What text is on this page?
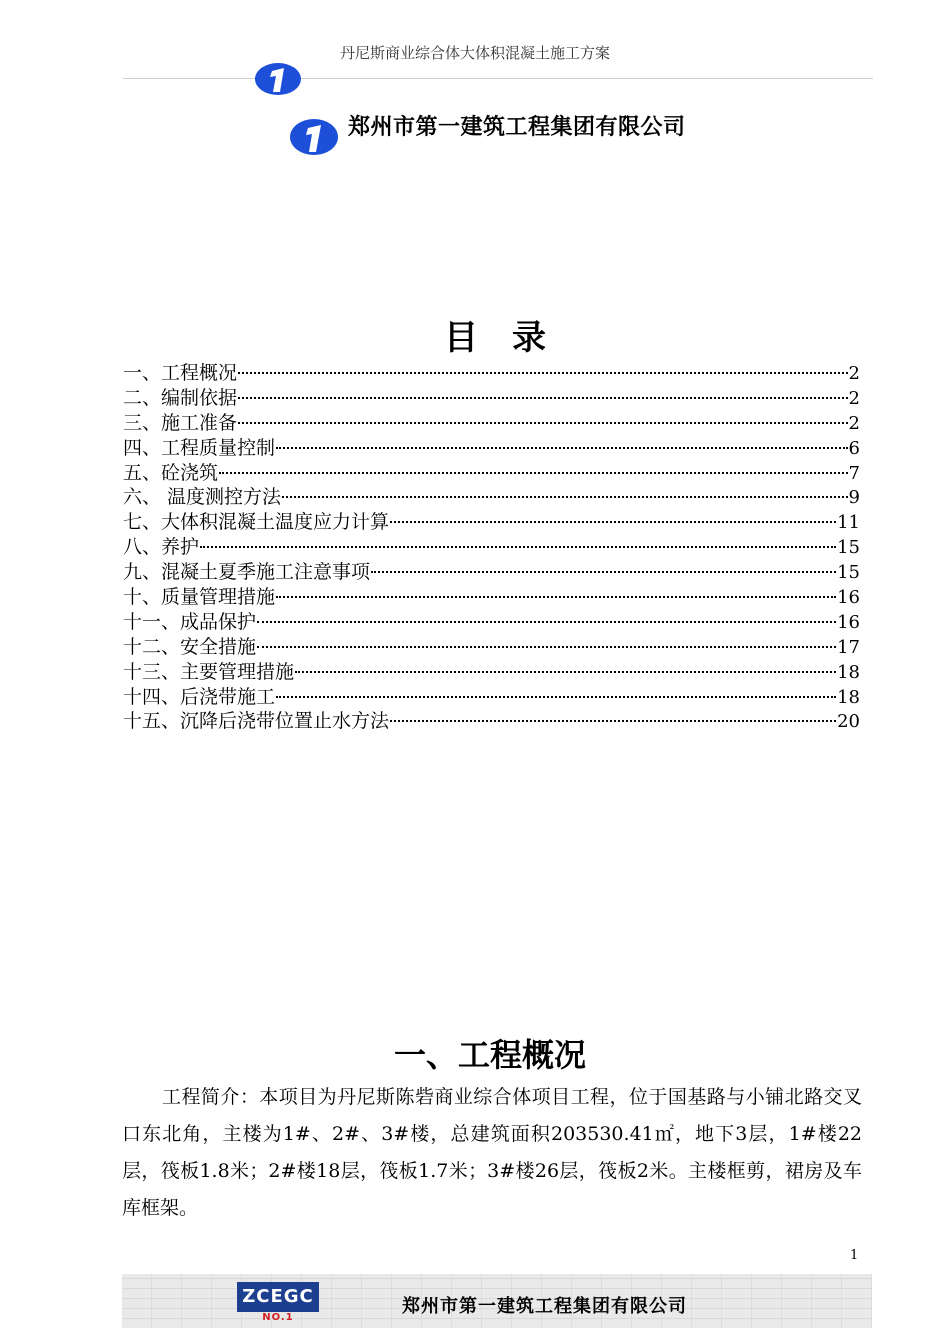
丹尼斯商业综合体大体积混凝土施工方案
郑州市第一建筑工程集团有限公司
目　录
一、工程概况	2
二、编制依据	2
三、施工准备	2
四、工程质量控制	6
五、砼浇筑	7
六、 温度测控方法	9
七、大体积混凝土温度应力计算	11
八、养护	15
九、混凝土夏季施工注意事项	15
十、质量管理措施	16
十一、成品保护	16
十二、安全措施	17
十三、主要管理措施	18
十四、后浇带施工	18
十五、沉降后浇带位置止水方法	20
一、工程概况
工程简介：本项目为丹尼斯陈砦商业综合体项目工程，位于国基路与小铺北路交叉口东北角，主楼为1#、2#、3#楼，总建筑面积203530.41㎡，地下3层，1#楼22层，筏板1.8米；2#楼18层，筏板1.7米；3#楼26层，筏板2米。主楼框剪，裙房及车库框架。
1
ZCEGC
NO.1
郑州市第一建筑工程集团有限公司
